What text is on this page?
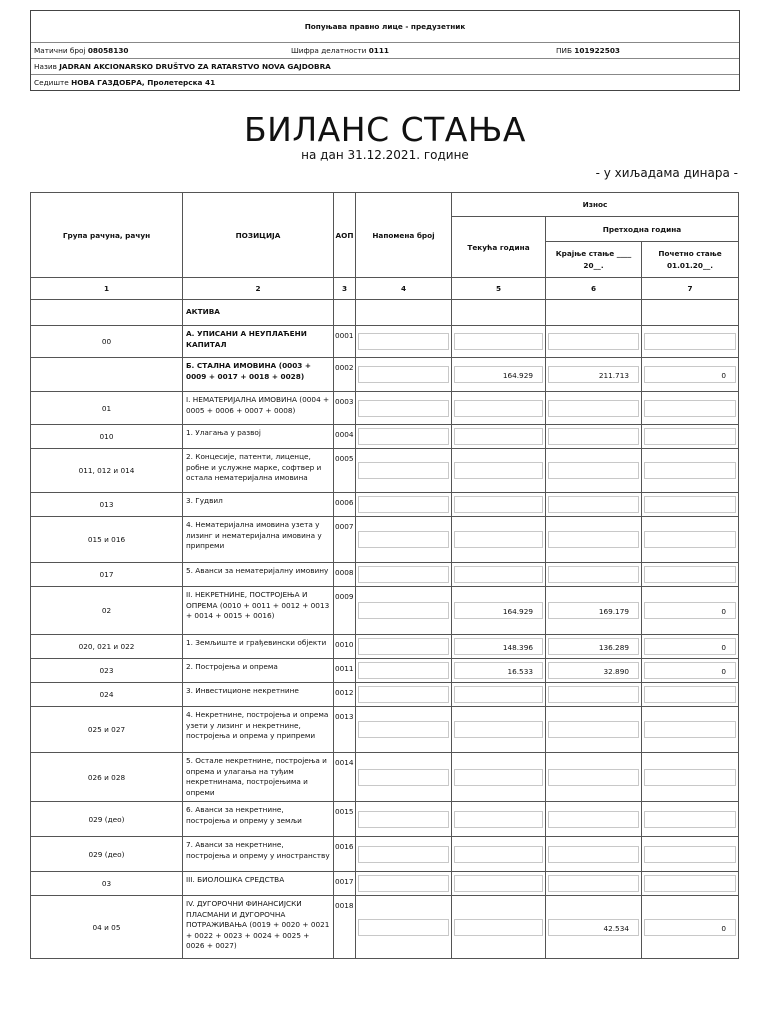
Попуњава правно лице - предузетник
Матични број 08058130	Шифра делатности 0111	ПИБ 101922503
Назив
JADRAN AKCIONARSKO DRUŠTVO ZA RATARSTVO NOVA GAJDOBRA
Седиште
НОВА ГАЗДОБРА, Пролетерска 41
БИЛАНС СТАЊА
на дан 31.12.2021. године
- у хиљадама динара -
Група рачуна, рачун	ПОЗИЦИЈА	АОП	Напомена број	Износ		
				Текућа година	Претходна година	
					Крајње стање ____ 20__.	Почетно стање 01.01.20__.
1	2	3	4	5	6	7
	АКТИВА					
00	А. УПИСАНИ А НЕУПЛАЋЕНИ КАПИТАЛ	0001	

	Б. СТАЛНА ИМОВИНА (0003 + 0009 + 0017 + 0018 + 0028)	0002		164.929	211.713	0

01	I. НЕМАТЕРИЈАЛНА ИМОВИНА (0004 + 0005 + 0006 + 0007 + 0008)	0003	

010	1. Улагања у развој	0004	

011, 012 и 014	2. Концесије, патенти, лиценце, робне и услужне марке, софтвер и остала нематеријална имовина	0005	

013	3. Гудвил	0006	

015 и 016	4. Нематеријална имовина узета у лизинг и нематеријална имовина у припреми	0007	

017	5. Аванси за нематеријалну имовину	0008	

02	II. НЕКРЕТНИНЕ, ПОСТРОЈЕЊА И ОПРЕМА (0010 + 0011 + 0012 + 0013 + 0014 + 0015 + 0016)	0009		164.929	169.179	0

020, 021 и 022	1. Земљиште и грађевински објекти	0010		148.396	136.289	0

023	2. Постројења и опрема	0011		16.533	32.890	0

024	3. Инвестиционе некретнине	0012	

025 и 027	4. Некретнине, постројења и опрема узети у лизинг и некретнине, постројења и опрема у припреми	0013	

026 и 028	5. Остале некретнине, постројења и опрема и улагања на туђим некретнинама, постројењима и опреми	0014	

029 (део)	6. Аванси за некретнине, постројења и опрему у земљи	0015	

029 (део)	7. Аванси за некретнине, постројења и опрему у иностранству	0016	

03	III. БИОЛОШКА СРЕДСТВА	0017	

04 и 05	IV. ДУГОРОЧНИ ФИНАНСИЈСКИ ПЛАСМАНИ И ДУГОРОЧНА ПОТРАЖИВАЊА (0019 + 0020 + 0021 + 0022 + 0023 + 0024 + 0025 + 0026 + 0027)	0018			42.534	0
